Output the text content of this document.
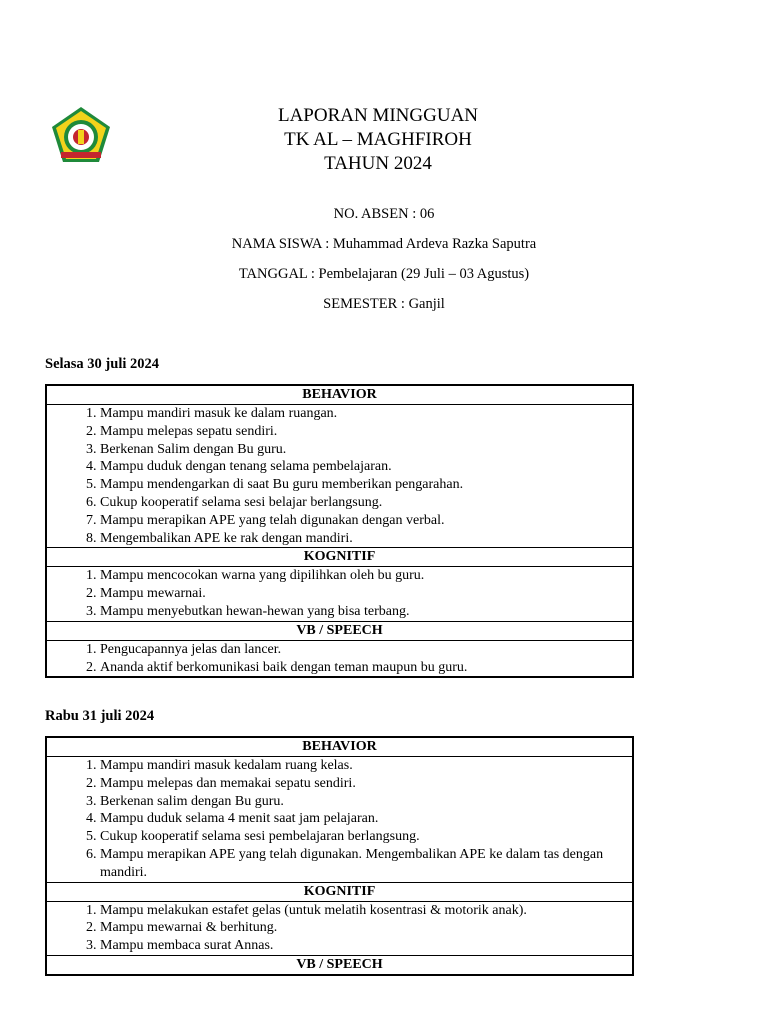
LAPORAN MINGGUAN
TK AL – MAGHFIROH
TAHUN 2024
NO. ABSEN : 06
NAMA SISWA : Muhammad Ardeva Razka Saputra
TANGGAL : Pembelajaran (29 Juli – 03 Agustus)
SEMESTER : Ganjil
Selasa 30 juli 2024
BEHAVIOR

1. Mampu mandiri masuk ke dalam ruangan.
2. Mampu melepas sepatu sendiri.
3. Berkenan Salim dengan Bu guru.
4. Mampu duduk dengan tenang selama pembelajaran.
5. Mampu mendengarkan di saat Bu guru memberikan pengarahan.
6. Cukup kooperatif selama sesi belajar berlangsung.
7. Mampu merapikan APE yang telah digunakan dengan verbal.
8. Mengembalikan APE ke rak dengan mandiri.

KOGNITIF

1. Mampu mencocokan warna yang dipilihkan oleh bu guru.
2. Mampu mewarnai.
3. Mampu menyebutkan hewan-hewan yang bisa terbang.

VB / SPEECH

1. Pengucapannya jelas dan lancer.
2. Ananda aktif berkomunikasi baik dengan teman maupun bu guru.
Rabu 31 juli 2024
BEHAVIOR

1. Mampu mandiri masuk kedalam ruang kelas.
2. Mampu melepas dan memakai sepatu sendiri.
3. Berkenan salim dengan Bu guru.
4. Mampu duduk selama 4 menit saat jam pelajaran.
5. Cukup kooperatif selama sesi pembelajaran berlangsung.
6. Mampu merapikan APE yang telah digunakan. Mengembalikan APE ke dalam tas dengan mandiri.

KOGNITIF

1. Mampu melakukan estafet gelas (untuk melatih kosentrasi & motorik anak).
2. Mampu mewarnai & berhitung.
3. Mampu membaca surat Annas.

VB / SPEECH
